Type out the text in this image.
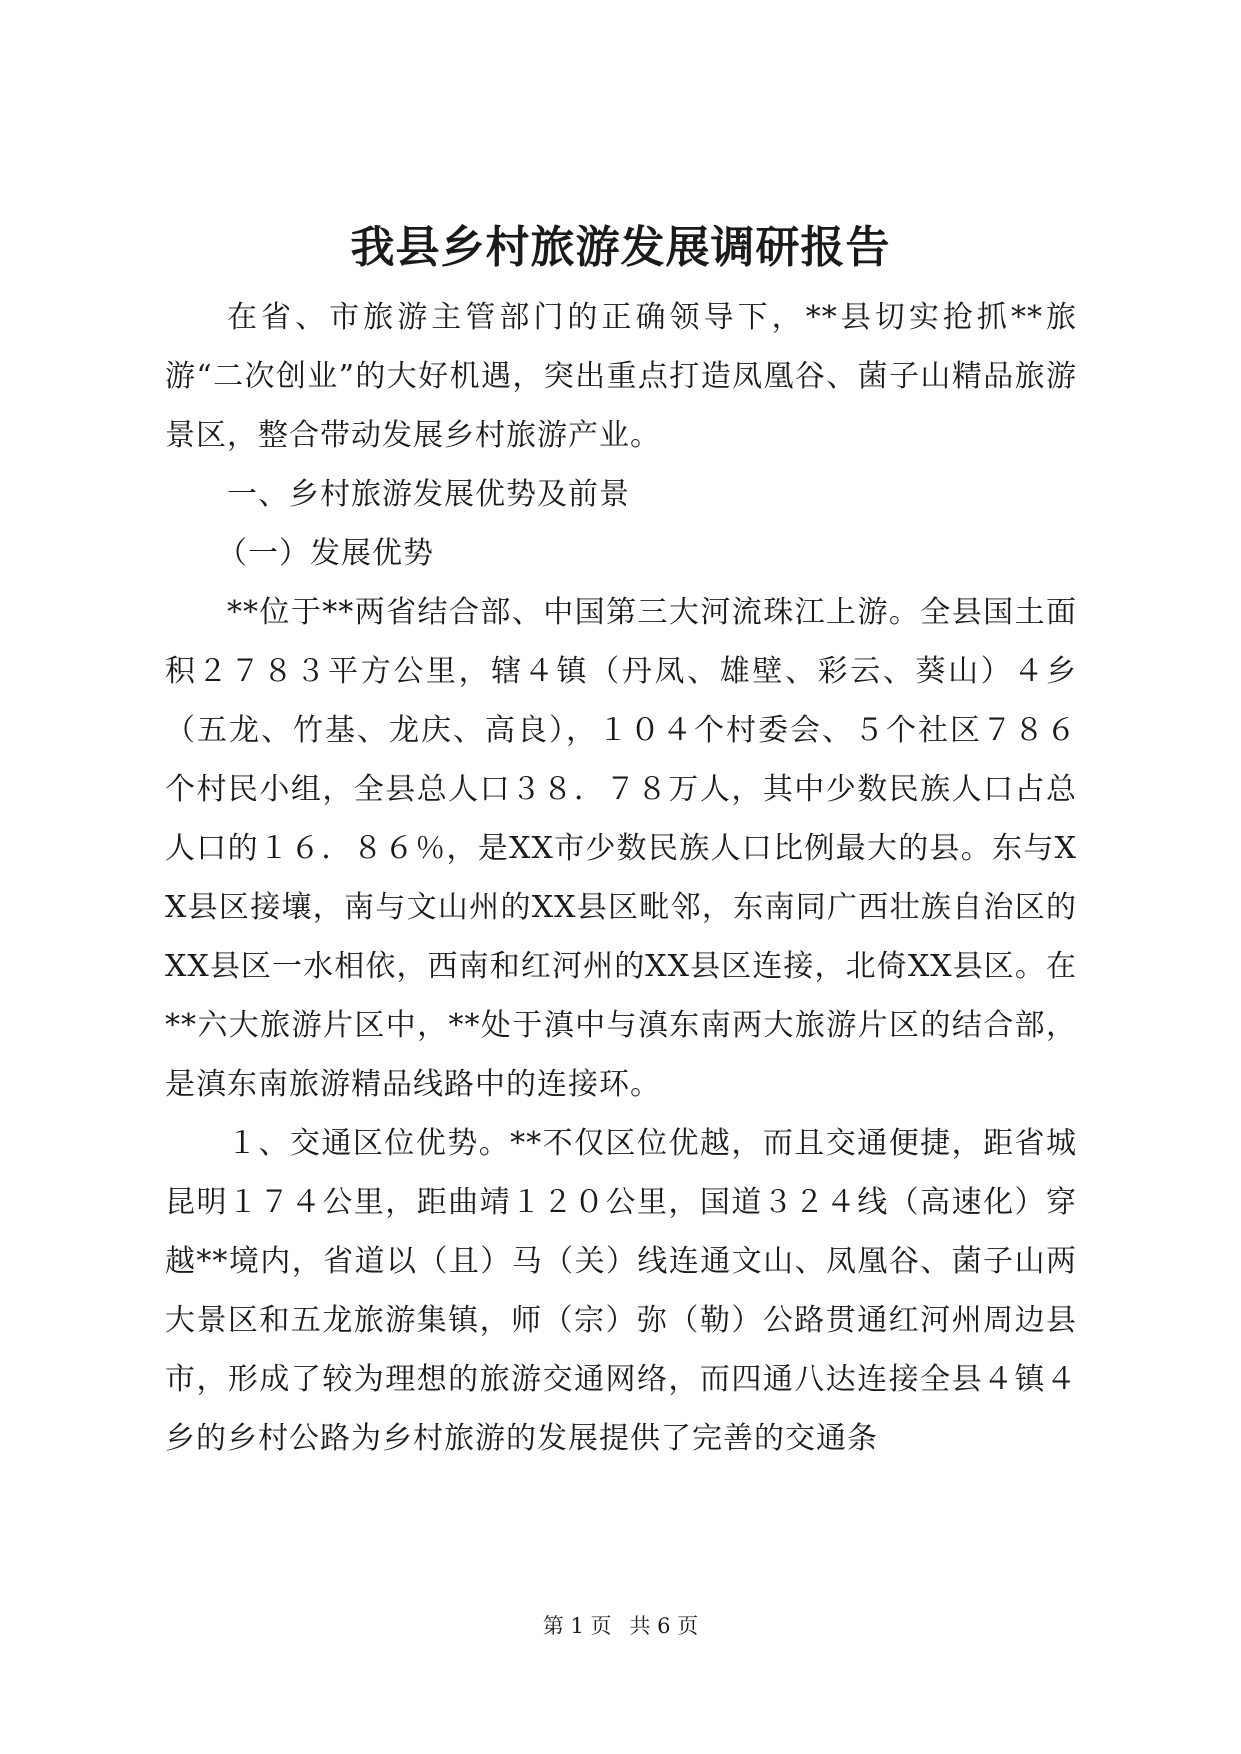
我县乡村旅游发展调研报告

在省、市旅游主管部门的正确领导下，**县切实抢抓**旅游“二次创业”的大好机遇，突出重点打造凤凰谷、菌子山精品旅游景区，整合带动发展乡村旅游产业。

一、乡村旅游发展优势及前景

（一）发展优势

**位于**两省结合部、中国第三大河流珠江上游。全县国土面积２７８３平方公里，辖４镇（丹凤、雄壁、彩云、葵山）４乡（五龙、竹基、龙庆、高良），１０４个村委会、５个社区７８６个村民小组，全县总人口３８．７８万人，其中少数民族人口占总人口的１６．８６％，是XX市少数民族人口比例最大的县。东与XX县区接壤，南与文山州的XX县区毗邻，东南同广西壮族自治区的XX县区一水相依，西南和红河州的XX县区连接，北倚XX县区。在**六大旅游片区中，**处于滇中与滇东南两大旅游片区的结合部，是滇东南旅游精品线路中的连接环。

１、交通区位优势。**不仅区位优越，而且交通便捷，距省城昆明１７４公里，距曲靖１２０公里，国道３２４线（高速化）穿越**境内，省道以（且）马（关）线连通文山、凤凰谷、菌子山两大景区和五龙旅游集镇，师（宗）弥（勒）公路贯通红河州周边县市，形成了较为理想的旅游交通网络，而四通八达连接全县４镇４乡的乡村公路为乡村旅游的发展提供了完善的交通条

第 1 页 共 6 页
